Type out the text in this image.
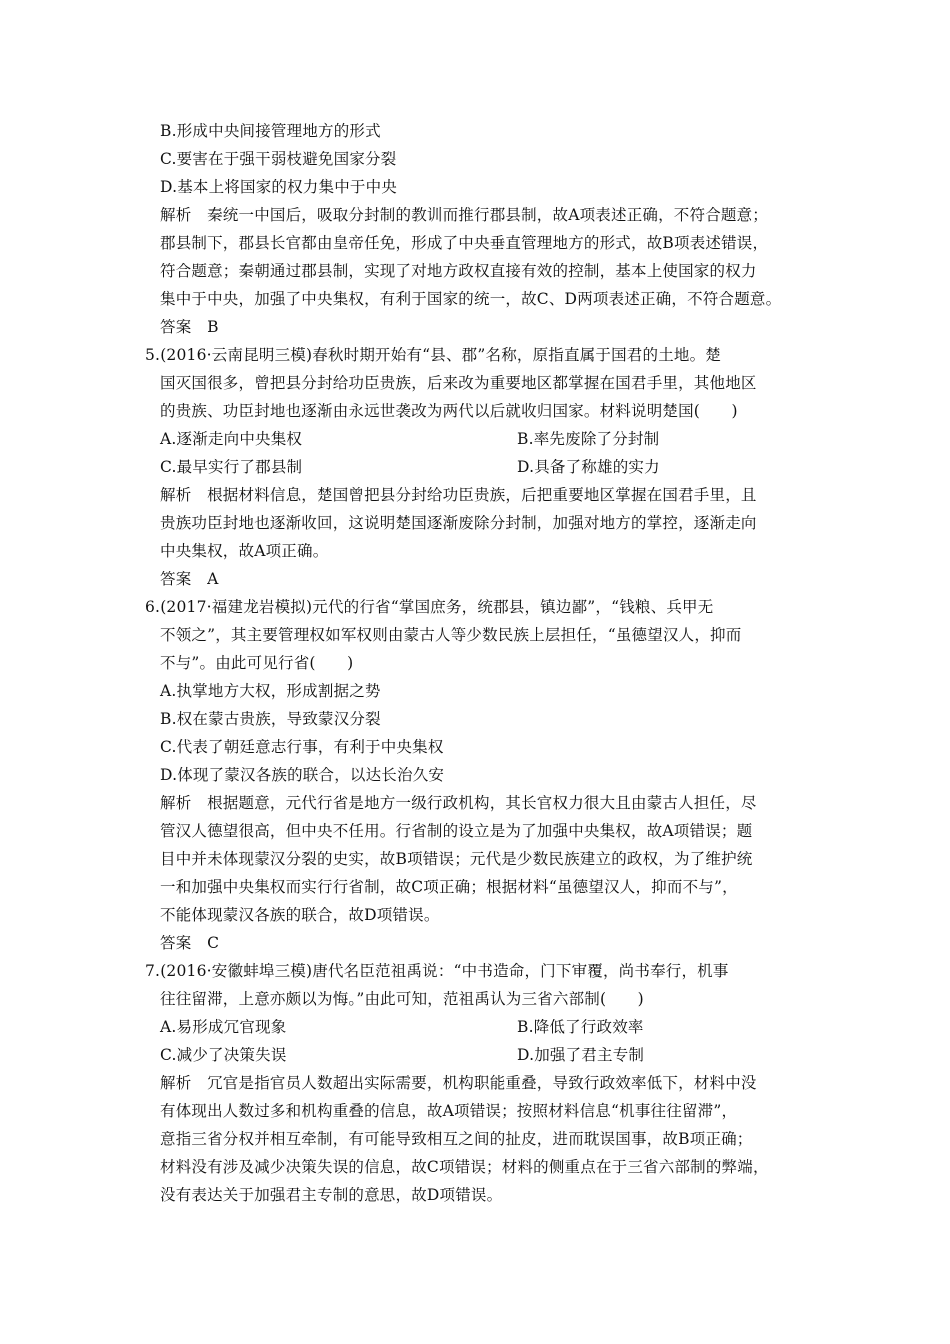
B.形成中央间接管理地方的形式
C.要害在于强干弱枝避免国家分裂
D.基本上将国家的权力集中于中央
解析　秦统一中国后，吸取分封制的教训而推行郡县制，故A项表述正确，不符合题意；
郡县制下，郡县长官都由皇帝任免，形成了中央垂直管理地方的形式，故B项表述错误，
符合题意；秦朝通过郡县制，实现了对地方政权直接有效的控制，基本上使国家的权力
集中于中央，加强了中央集权，有利于国家的统一，故C、D两项表述正确，不符合题意。
答案　B
5.(2016·云南昆明三模)春秋时期开始有“县、郡”名称，原指直属于国君的土地。楚
国灭国很多，曾把县分封给功臣贵族，后来改为重要地区都掌握在国君手里，其他地区
的贵族、功臣封地也逐渐由永远世袭改为两代以后就收归国家。材料说明楚国(　　)
A.逐渐走向中央集权	B.率先废除了分封制
C.最早实行了郡县制	D.具备了称雄的实力
解析　根据材料信息，楚国曾把县分封给功臣贵族，后把重要地区掌握在国君手里，且
贵族功臣封地也逐渐收回，这说明楚国逐渐废除分封制，加强对地方的掌控，逐渐走向
中央集权，故A项正确。
答案　A
6.(2017·福建龙岩模拟)元代的行省“掌国庶务，统郡县，镇边鄙”，“钱粮、兵甲无
不领之”，其主要管理权如军权则由蒙古人等少数民族上层担任，“虽德望汉人，抑而
不与”。由此可见行省(　　)
A.执掌地方大权，形成割据之势
B.权在蒙古贵族，导致蒙汉分裂
C.代表了朝廷意志行事，有利于中央集权
D.体现了蒙汉各族的联合，以达长治久安
解析　根据题意，元代行省是地方一级行政机构，其长官权力很大且由蒙古人担任，尽
管汉人德望很高，但中央不任用。行省制的设立是为了加强中央集权，故A项错误；题
目中并未体现蒙汉分裂的史实，故B项错误；元代是少数民族建立的政权，为了维护统
一和加强中央集权而实行行省制，故C项正确；根据材料“虽德望汉人，抑而不与”，
不能体现蒙汉各族的联合，故D项错误。
答案　C
7.(2016·安徽蚌埠三模)唐代名臣范祖禹说：“中书造命，门下审覆，尚书奉行，机事
往往留滞，上意亦颇以为悔。”由此可知，范祖禹认为三省六部制(　　)
A.易形成冗官现象	B.降低了行政效率
C.减少了决策失误	D.加强了君主专制
解析　冗官是指官员人数超出实际需要，机构职能重叠，导致行政效率低下，材料中没
有体现出人数过多和机构重叠的信息，故A项错误；按照材料信息“机事往往留滞”，
意指三省分权并相互牵制，有可能导致相互之间的扯皮，进而耽误国事，故B项正确；
材料没有涉及减少决策失误的信息，故C项错误；材料的侧重点在于三省六部制的弊端，
没有表达关于加强君主专制的意思，故D项错误。
